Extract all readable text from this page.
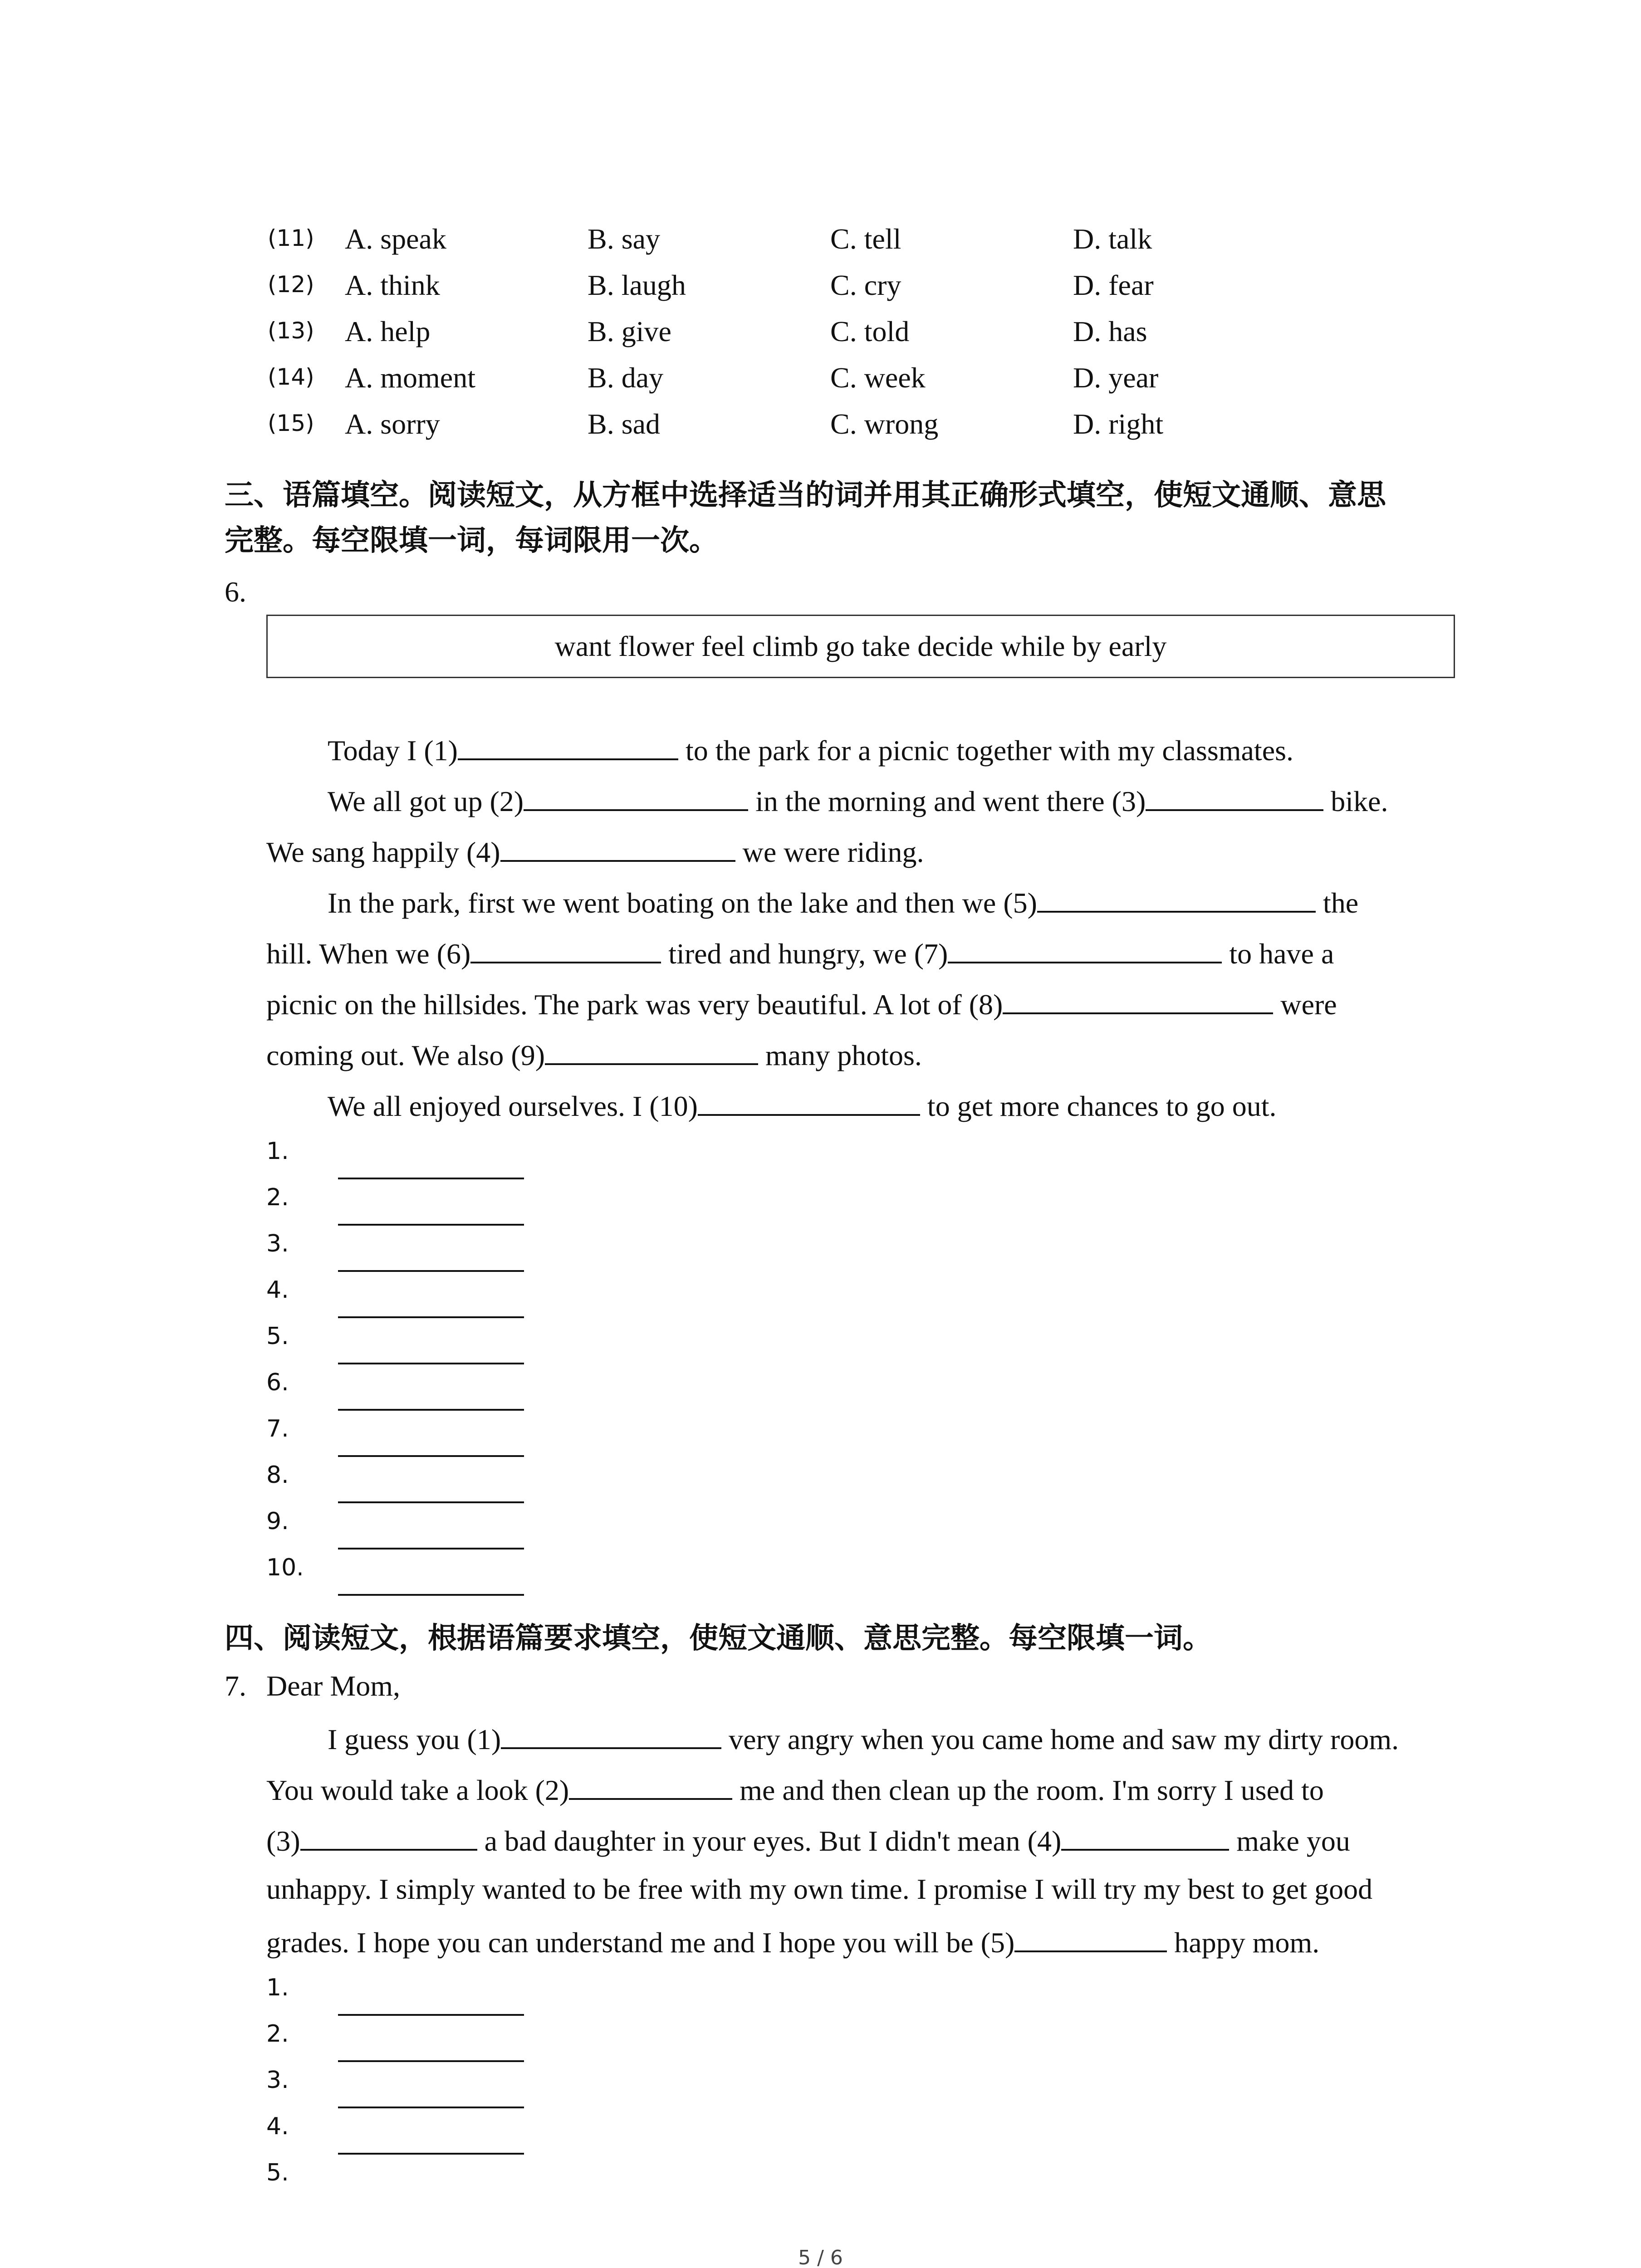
(11) A. speak	B. say	C. tell	D. talk
(12) A. think	B. laugh	C. cry	D. fear
(13) A. help	B. give	C. told	D. has
(14) A. moment	B. day	C. week	D. year
(15) A. sorry	B. sad	C. wrong	D. right
三、语篇填空。阅读短文，从方框中选择适当的词并用其正确形式填空，使短文通顺、意思
完整。每空限填一词，每词限用一次。
6.
want flower feel climb go take decide while by early
Today I (1)	to the park for a picnic together with my classmates.
We all got up (2)	in the morning and went there (3)	bike.
We sang happily (4)	we were riding.
In the park, first we went boating on the lake and then we (5)	the
hill. When we (6)	tired and hungry, we (7)	to have a
picnic on the hillsides. The park was very beautiful. A lot of (8)	were
coming out. We also (9)	many photos.
We all enjoyed ourselves. I (10)	to get more chances to go out.
1.
2.
3.
4.
5.
6.
7.
8.
9.
10.
四、阅读短文，根据语篇要求填空，使短文通顺、意思完整。每空限填一词。
7. Dear Mom,
I guess you (1)	very angry when you came home and saw my dirty room.
You would take a look (2)	me and then clean up the room. I'm sorry I used to
(3)	a bad daughter in your eyes. But I didn't mean (4)	make you
unhappy. I simply wanted to be free with my own time. I promise I will try my best to get good
grades. I hope you can understand me and I hope you will be (5)	happy mom.
1.
2.
3.
4.
5.
5 / 6
